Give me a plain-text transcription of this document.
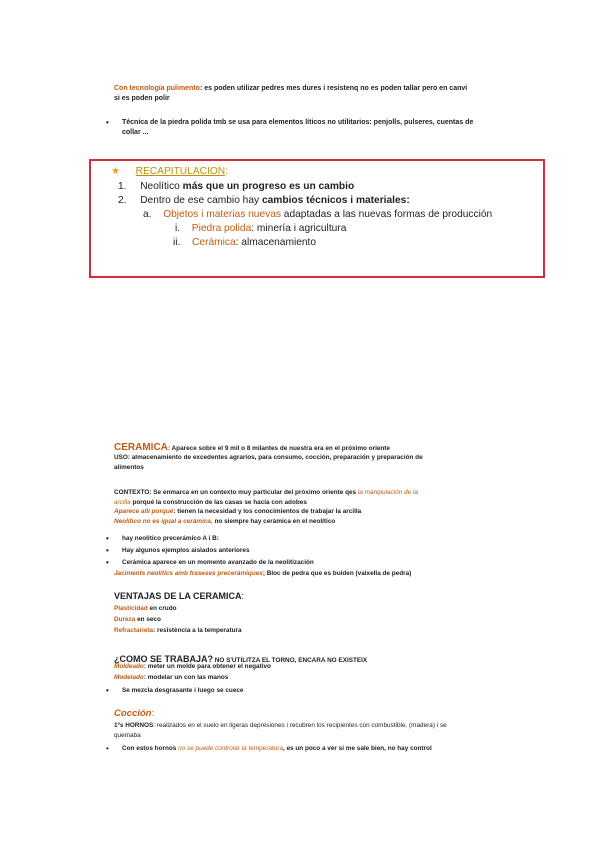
Con tecnología pulimento: es poden utilizar pedres mes dures i resistenq no es poden tallar pero en canvi
si es poden polir
• Técnica de la piedra polida tmb se usa para elementos líticos no utilitarios: penjolls, pulseres, cuentas de
collar ...
★ RECAPITULACION:
1. Neolítico más que un progreso es un cambio
2. Dentro de ese cambio hay cambios técnicos i materiales:
a. Objetos i materias nuevas adaptadas a las nuevas formas de producción
i. Piedra polida: minería i agricultura
ii. Cerámica: almacenamiento
CERAMICA: Aparece sobre el 9 mil o 8 milantes de nuestra era en el próximo oriente
USO: almacenamiento de excedentes agrarios, para consumo, cocción, preparación y preparación de
alimentos
CONTEXTO: Se enmarca en un contexto muy particular del próximo oriente qes la manipulación de la
arcilla porqué la construcción de las casas se hacía con adobes
Aparece allí porqué: tienen la necesidad y los conocimientos de trabajar la arcilla
Neolítico no es igual a cerámica, no siempre hay cerámica en el neolítico
• hay neolitico precerámico A i B:
• Hay algunos ejemplos aislados anteriores
• Cerámica aparece en un momento avanzado de la neolitización
Jaciments neolítics amb fraseses preceràmiques; Bloc de pedra que es buiden (vaixella de pedra)
VENTAJAS DE LA CERAMICA:
Plasticidad en crudo
Dureza en seco
Refractarieta: resistència a la temperatura
¿COMO SE TRABAJA? NO S'UTILITZA EL TORNO, ENCARA NO EXISTEIX
Moldeado: meter un molde para obtener el negativo
Modelado: modelar un con las manos
• Se mezcla desgrasante i luego se cuece
Cocción:
1ºs HORNOS: realizados en el suelo en ligeras depresiones i recubren los recipientes con combustible. (madera) i se
quemaba
• Con estos hornos no se puede controlar la temperatura, es un poco a ver si me sale bien, no hay control
